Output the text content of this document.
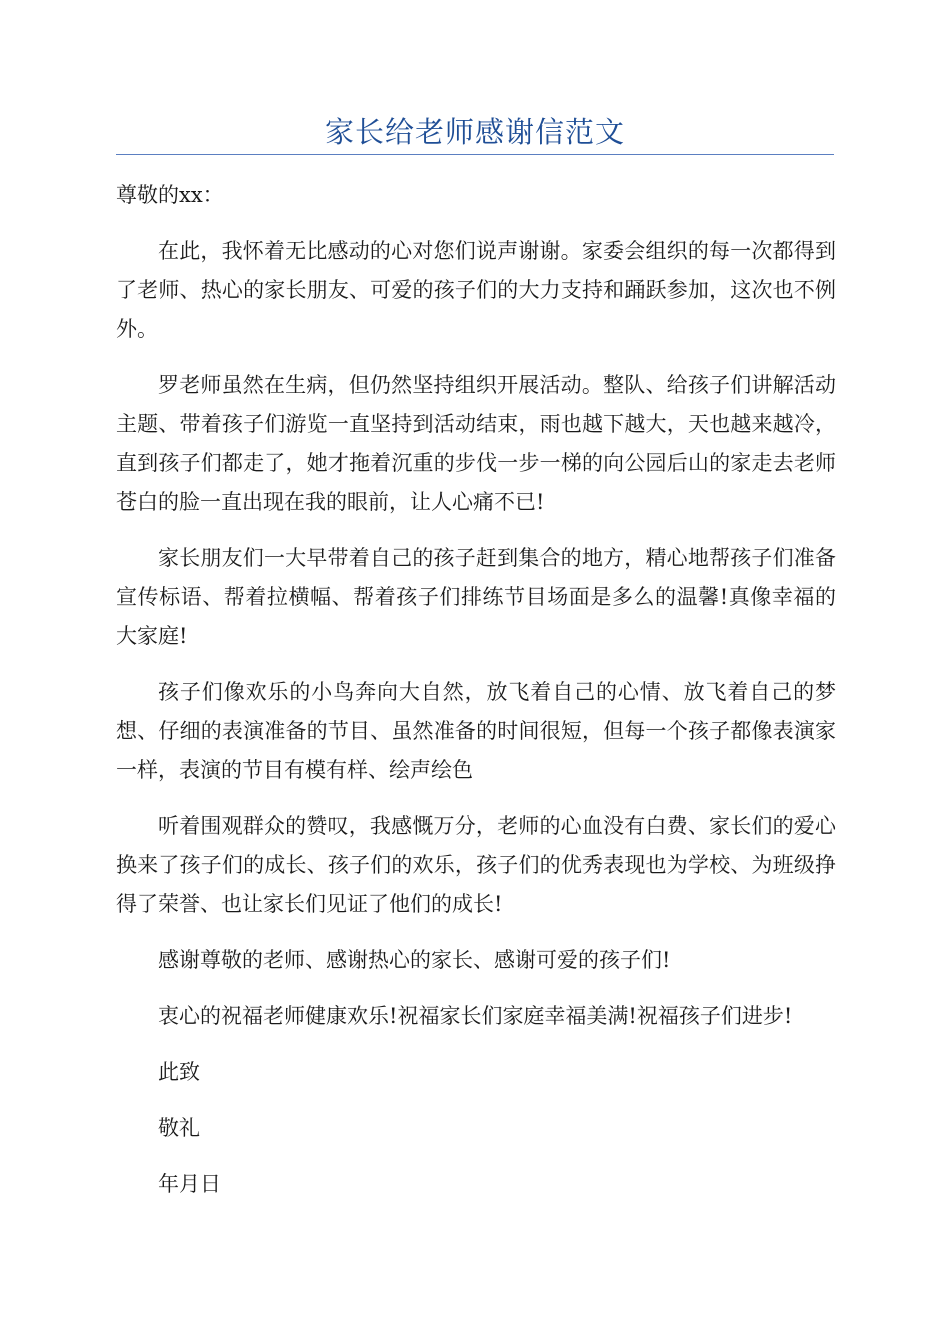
家长给老师感谢信范文

尊敬的xx：

在此，我怀着无比感动的心对您们说声谢谢。家委会组织的每一次都得到了老师、热心的家长朋友、可爱的孩子们的大力支持和踊跃参加，这次也不例外。

罗老师虽然在生病，但仍然坚持组织开展活动。整队、给孩子们讲解活动主题、带着孩子们游览一直坚持到活动结束，雨也越下越大，天也越来越冷，直到孩子们都走了，她才拖着沉重的步伐一步一梯的向公园后山的家走去老师苍白的脸一直出现在我的眼前，让人心痛不已!

家长朋友们一大早带着自己的孩子赶到集合的地方，精心地帮孩子们准备宣传标语、帮着拉横幅、帮着孩子们排练节目场面是多么的温馨!真像幸福的大家庭!

孩子们像欢乐的小鸟奔向大自然，放飞着自己的心情、放飞着自己的梦想、仔细的表演准备的节目、虽然准备的时间很短，但每一个孩子都像表演家一样，表演的节目有模有样、绘声绘色

听着围观群众的赞叹，我感慨万分，老师的心血没有白费、家长们的爱心换来了孩子们的成长、孩子们的欢乐，孩子们的优秀表现也为学校、为班级挣得了荣誉、也让家长们见证了他们的成长!

感谢尊敬的老师、感谢热心的家长、感谢可爱的孩子们!

衷心的祝福老师健康欢乐!祝福家长们家庭幸福美满!祝福孩子们进步!

此致

敬礼

年月日
